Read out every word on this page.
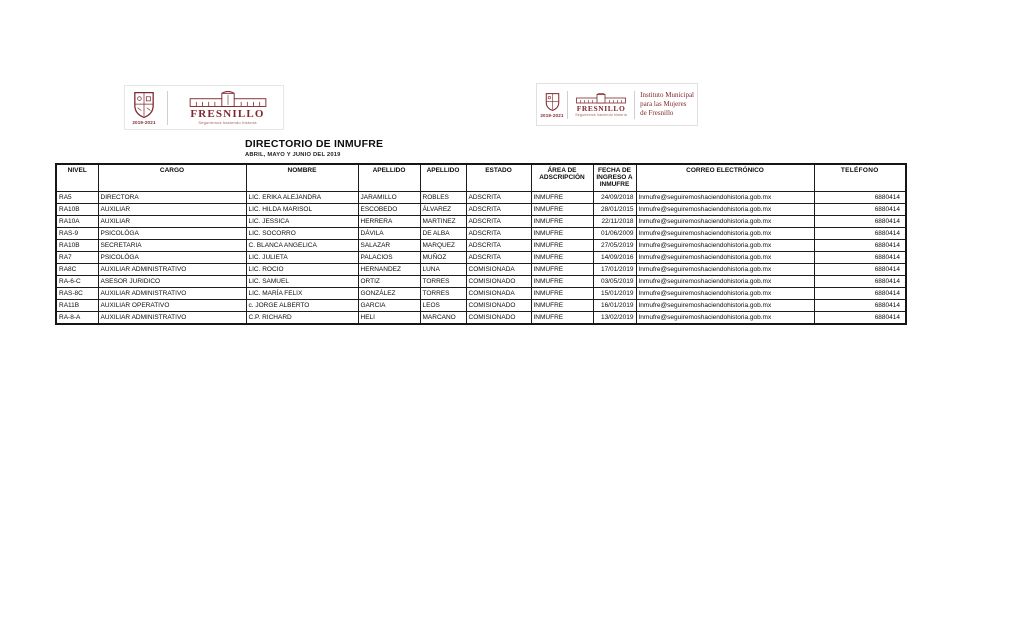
2019-2021
FRESNILLO
Seguiremos haciendo historia
2019-2021
FRESNILLO
Seguiremos haciendo historia
Instituto Municipal
para las Mujeres
de Fresnillo
DIRECTORIO DE INMUFRE
ABRIL, MAYO Y JUNIO DEL 2019
NIVEL	CARGO	NOMBRE	APELLIDO	APELLIDO	ESTADO	ÁREA DE ADSCRIPCIÓN	FECHA DE INGRESO A INMUFRE	CORREO ELECTRÓNICO	TELÉFONO
RA5	DIRECTORA	LIC. ERIKA ALEJANDRA	JARAMILLO	ROBLES	ADSCRITA	INMUFRE	24/09/2018	Inmufre@seguiremoshaciendohistoria.gob.mx	6880414
RA10B	AUXILIAR	LIC. HILDA MARISOL	ESCOBEDO	ÁLVAREZ	ADSCRITA	INMUFRE	28/01/2015	Inmufre@seguiremoshaciendohistoria.gob.mx	6880414
RA10A	AUXILIAR	LIC. JESSICA	HERRERA	MARTINEZ	ADSCRITA	INMUFRE	22/11/2018	Inmufre@seguiremoshaciendohistoria.gob.mx	6880414
RAS-9	PSICOLÓGA	LIC. SOCORRO	DÁVILA	DE ALBA	ADSCRITA	INMUFRE	01/06/2009	Inmufre@seguiremoshaciendohistoria.gob.mx	6880414
RA10B	SECRETARIA	C. BLANCA ANGELICA	SALAZAR	MARQUEZ	ADSCRITA	INMUFRE	27/05/2019	Inmufre@seguiremoshaciendohistoria.gob.mx	6880414
RA7	PSICOLÓGA	LIC. JULIETA	PALACIOS	MUÑOZ	ADSCRITA	INMUFRE	14/09/2016	Inmufre@seguiremoshaciendohistoria.gob.mx	6880414
RA8C	AUXILIAR ADMINISTRATIVO	LIC. ROCIO	HERNANDEZ	LUNA	COMISIONADA	INMUFRE	17/01/2019	Inmufre@seguiremoshaciendohistoria.gob.mx	6880414
RA-6-C	ASESOR JURIDICO	LIC. SAMUEL	ORTIZ	TORRES	COMISIONADO	INMUFRE	03/05/2019	Inmufre@seguiremoshaciendohistoria.gob.mx	6880414
RAS-8C	AUXILIAR ADMINISTRATIVO	LIC. MARÍA FELIX	GONZÁLEZ	TORRES	COMISIONADA	INMUFRE	15/01/2019	Inmufre@seguiremoshaciendohistoria.gob.mx	6880414
RA11B	AUXILIAR OPERATIVO	c. JORGE ALBERTO	GARCIA	LEOS	COMISIONADO	INMUFRE	16/01/2019	Inmufre@seguiremoshaciendohistoria.gob.mx	6880414
RA-8-A	AUXILIAR ADMINISTRATIVO	C.P. RICHARD	HELI	MARCANO	COMISIONADO	INMUFRE	13/02/2019	Inmufre@seguiremoshaciendohistoria.gob.mx	6880414
